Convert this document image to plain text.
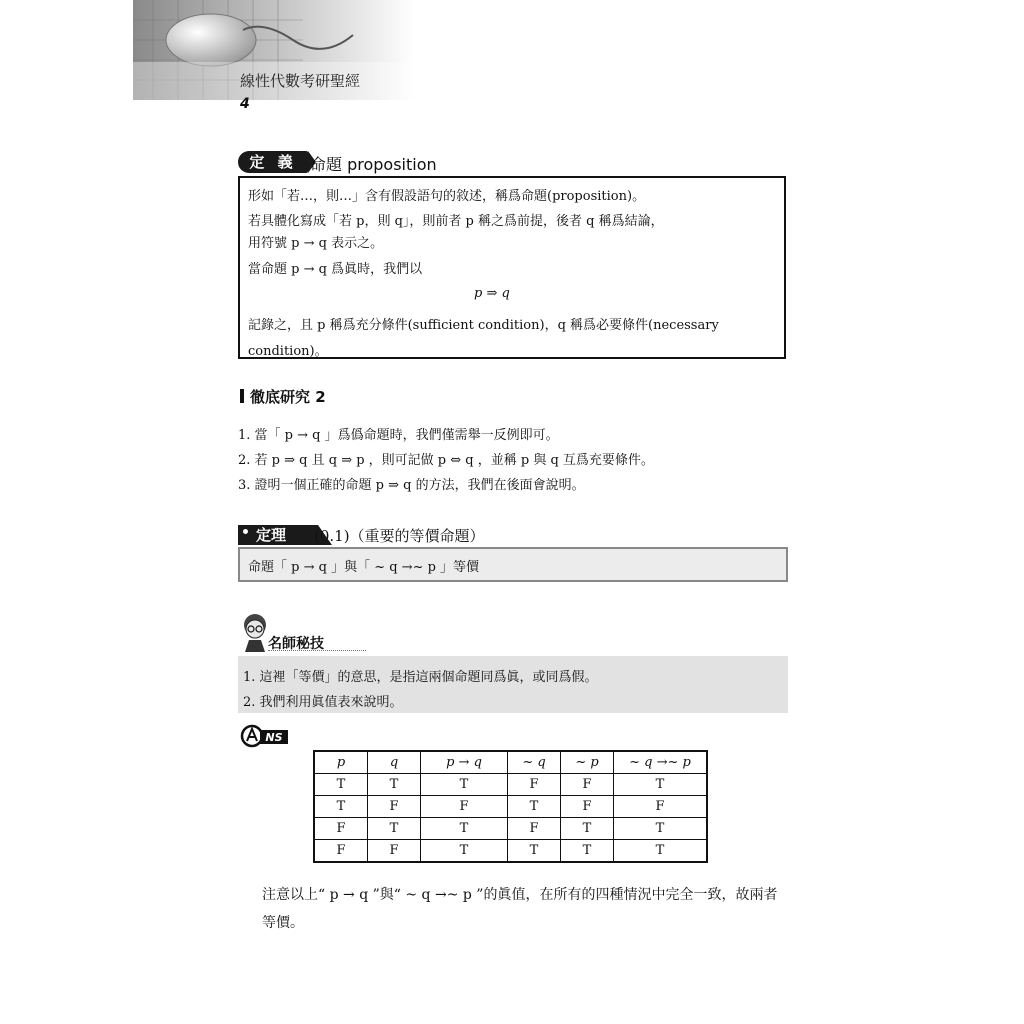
線性代數考研聖經
4
定 義 命題 proposition
形如「若…，則…」含有假設語句的敘述，稱爲命題(proposition)。
若具體化寫成「若 p，則 q」，則前者 p 稱之爲前提，後者 q 稱爲結論，
用符號 p → q 表示之。
當命題 p → q 爲眞時，我們以
p ⇒ q
記錄之，且 p 稱爲充分條件(sufficient condition)，q 稱爲必要條件(necessary
condition)。
徹底研究 2
1. 當「 p → q 」爲僞命題時，我們僅需舉一反例即可。
2. 若 p ⇒ q 且 q ⇒ p ，則可記做 p ⇔ q ，並稱 p 與 q 互爲充要條件。
3. 證明一個正確的命題 p ⇒ q 的方法，我們在後面會說明。
定理	(0.1)（重要的等價命題）
命題「 p → q 」與「 ~ q →~ p 」等價
名師秘技
1. 這裡「等價」的意思，是指這兩個命題同爲眞，或同爲假。
2. 我們利用眞值表來說明。
NS
p	q	p → q	~ q	~ p	~ q →~ p
T	T	T	F	F	T
T	F	F	T	F	F
F	T	T	F	T	T
F	F	T	T	T	T
注意以上“ p → q ”與“ ~ q →~ p ”的眞值，在所有的四種情況中完全一致，故兩者
等價。
